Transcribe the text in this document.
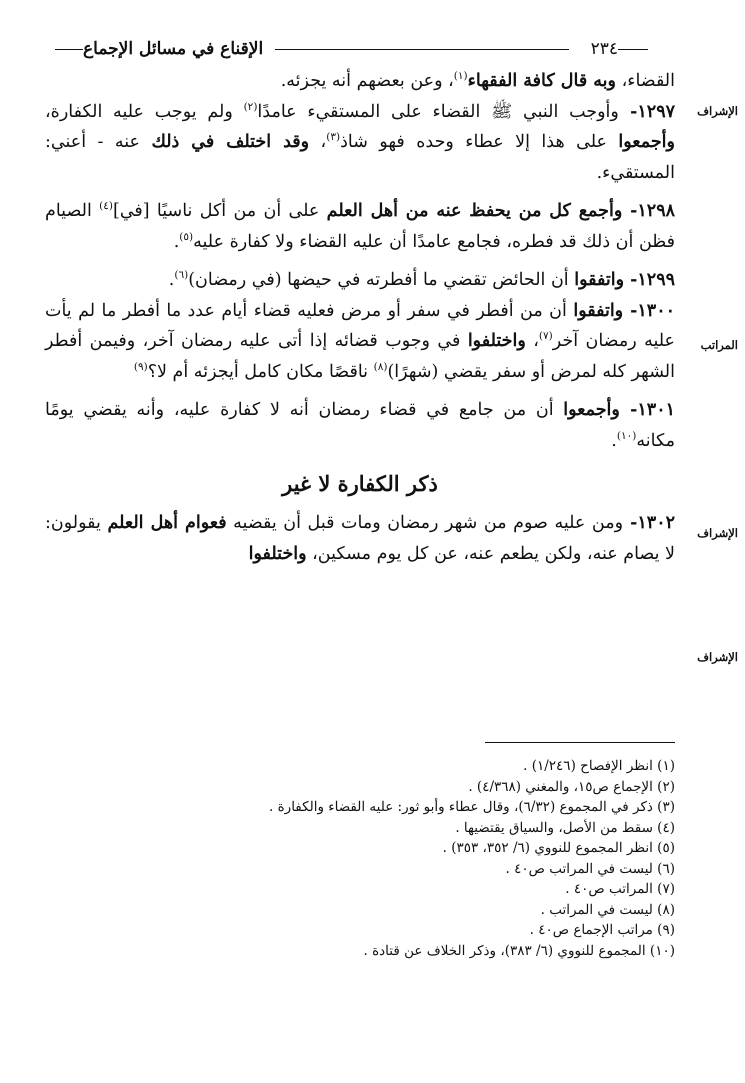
٢٣٤
الإقناع في مسائل الإجماع
الإشراف
المراتب
الإشراف
الإشراف

القضاء، وبه قال كافة الفقهاء$^{(١)}$، وعن بعضهم أنه يجزئه.

١٢٩٧- وأوجب النبي ﷺ القضاء على المستقيء عامدًا$^{(٢)}$ ولم يوجب عليه الكفارة، وأجمعوا على هذا إلا عطاء وحده فهو شاذ$^{(٣)}$، وقد اختلف في ذلك عنه - أعني: المستقيء.

١٢٩٨- وأجمع كل من يحفظ عنه من أهل العلم على أن من أكل ناسيًا [في]$^{(٤)}$ الصيام فظن أن ذلك قد فطره، فجامع عامدًا أن عليه القضاء ولا كفارة عليه$^{(٥)}$.

١٢٩٩- واتفقوا أن الحائض تقضي ما أفطرته في حيضها (في رمضان)$^{(٦)}$.

١٣٠٠- واتفقوا أن من أفطر في سفر أو مرض فعليه قضاء أيام عدد ما أفطر ما لم يأت عليه رمضان آخر$^{(٧)}$، واختلفوا في وجوب قضائه إذا أتى عليه رمضان آخر، وفيمن أفطر الشهر كله لمرض أو سفر يقضي (شهرًا)$^{(٨)}$ ناقصًا مكان كامل أيجزئه أم لا؟$^{(٩)}$

١٣٠١- وأجمعوا أن من جامع في قضاء رمضان أنه لا كفارة عليه، وأنه يقضي يومًا مكانه$^{(١٠)}$.

ذكر الكفارة لا غير

١٣٠٢- ومن عليه صوم من شهر رمضان ومات قبل أن يقضيه فعوام أهل العلم يقولون: لا يصام عنه، ولكن يطعم عنه، عن كل يوم مسكين، واختلفوا

(١) انظر الإفصاح (١/٢٤٦) .

(٢) الإجماع ص١٥، والمغني (٤/٣٦٨) .

(٣) ذكر في المجموع (٦/٣٢)، وقال عطاء وأبو ثور: عليه القضاء والكفارة .

(٤) سقط من الأصل، والسياق يقتضيها .

(٥) انظر المجموع للنووي (٦/ ٣٥٢، ٣٥٣) .

(٦) ليست في المراتب ص٤٠ .

(٧) المراتب ص٤٠ .

(٨) ليست في المراتب .

(٩) مراتب الإجماع ص٤٠ .

(١٠) المجموع للنووي (٦/ ٣٨٣)، وذكر الخلاف عن قتادة .
